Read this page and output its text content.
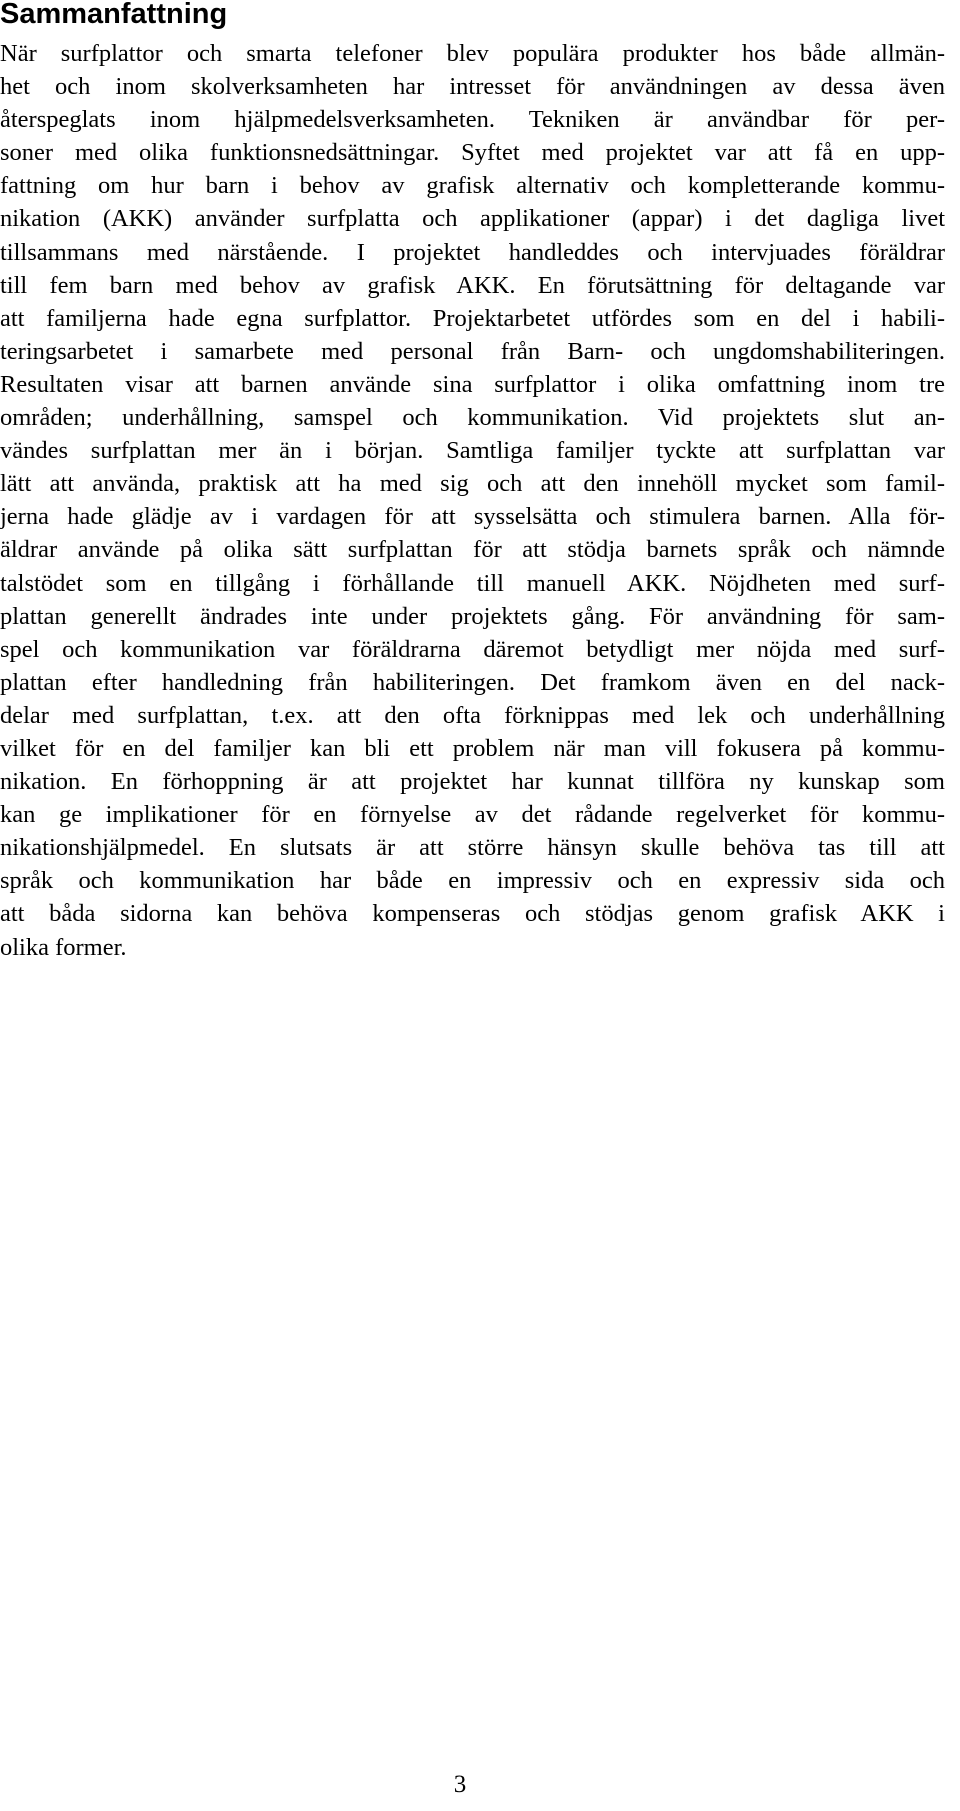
Sammanfattning
När surfplattor och smarta telefoner blev populära produkter hos både allmän-
het och inom skolverksamheten har intresset för användningen av dessa även
återspeglats inom hjälpmedelsverksamheten. Tekniken är användbar för per-
soner med olika funktionsnedsättningar. Syftet med projektet var att få en upp-
fattning om hur barn i behov av grafisk alternativ och kompletterande kommu-
nikation (AKK) använder surfplatta och applikationer (appar) i det dagliga livet
tillsammans med närstående. I projektet handleddes och intervjuades föräldrar
till fem barn med behov av grafisk AKK. En förutsättning för deltagande var
att familjerna hade egna surfplattor. Projektarbetet utfördes som en del i habili-
teringsarbetet i samarbete med personal från Barn- och ungdomshabiliteringen.
Resultaten visar att barnen använde sina surfplattor i olika omfattning inom tre
områden; underhållning, samspel och kommunikation. Vid projektets slut an-
vändes surfplattan mer än i början. Samtliga familjer tyckte att surfplattan var
lätt att använda, praktisk att ha med sig och att den innehöll mycket som famil-
jerna hade glädje av i vardagen för att sysselsätta och stimulera barnen. Alla för-
äldrar använde på olika sätt surfplattan för att stödja barnets språk och nämnde
talstödet som en tillgång i förhållande till manuell AKK. Nöjdheten med surf-
plattan generellt ändrades inte under projektets gång. För användning för sam-
spel och kommunikation var föräldrarna däremot betydligt mer nöjda med surf-
plattan efter handledning från habiliteringen. Det framkom även en del nack-
delar med surfplattan, t.ex. att den ofta förknippas med lek och underhållning
vilket för en del familjer kan bli ett problem när man vill fokusera på kommu-
nikation. En förhoppning är att projektet har kunnat tillföra ny kunskap som
kan ge implikationer för en förnyelse av det rådande regelverket för kommu-
nikationshjälpmedel. En slutsats är att större hänsyn skulle behöva tas till att
språk och kommunikation har både en impressiv och en expressiv sida och
att båda sidorna kan behöva kompenseras och stödjas genom grafisk AKK i
olika former.
3
